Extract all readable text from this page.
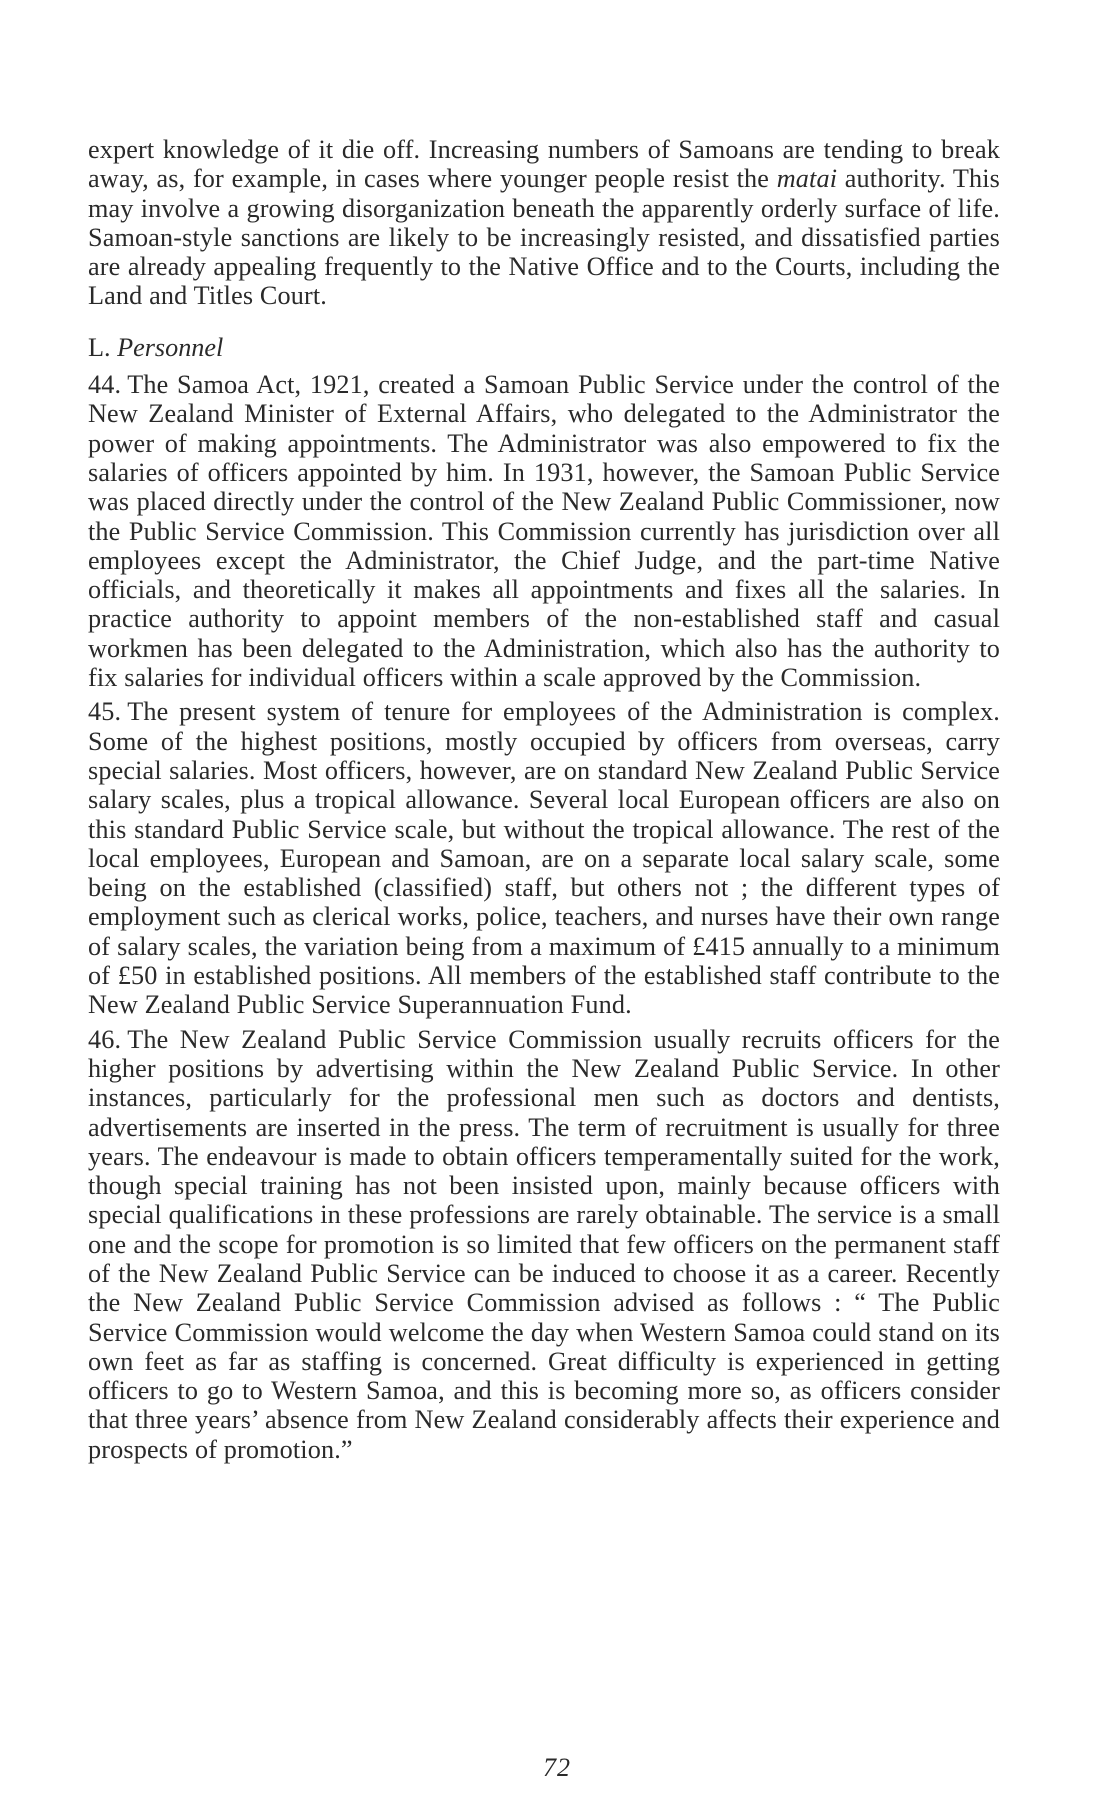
expert knowledge of it die off. Increasing numbers of Samoans are tending to break away, as, for example, in cases where younger people resist the matai authority. This may involve a growing disorganization beneath the apparently orderly surface of life. Samoan-style sanctions are likely to be increasingly resisted, and dissatisfied parties are already appealing frequently to the Native Office and to the Courts, including the Land and Titles Court.

L. Personnel

44. The Samoa Act, 1921, created a Samoan Public Service under the control of the New Zealand Minister of External Affairs, who delegated to the Administrator the power of making appointments. The Administrator was also empowered to fix the salaries of officers appointed by him. In 1931, however, the Samoan Public Service was placed directly under the control of the New Zealand Public Commissioner, now the Public Service Commission. This Commission currently has jurisdiction over all employees except the Administrator, the Chief Judge, and the part-time Native officials, and theoretically it makes all appointments and fixes all the salaries. In practice authority to appoint members of the non-established staff and casual workmen has been delegated to the Administration, which also has the authority to fix salaries for individual officers within a scale approved by the Commission.

45. The present system of tenure for employees of the Administration is complex. Some of the highest positions, mostly occupied by officers from overseas, carry special salaries. Most officers, however, are on standard New Zealand Public Service salary scales, plus a tropical allowance. Several local European officers are also on this standard Public Service scale, but without the tropical allowance. The rest of the local employees, European and Samoan, are on a separate local salary scale, some being on the established (classified) staff, but others not ; the different types of employment such as clerical works, police, teachers, and nurses have their own range of salary scales, the variation being from a maximum of £415 annually to a minimum of £50 in established positions. All members of the established staff contribute to the New Zealand Public Service Superannuation Fund.

46. The New Zealand Public Service Commission usually recruits officers for the higher positions by advertising within the New Zealand Public Service. In other instances, particularly for the professional men such as doctors and dentists, advertisements are inserted in the press. The term of recruitment is usually for three years. The endeavour is made to obtain officers temperamentally suited for the work, though special training has not been insisted upon, mainly because officers with special qualifications in these professions are rarely obtainable. The service is a small one and the scope for promotion is so limited that few officers on the permanent staff of the New Zealand Public Service can be induced to choose it as a career. Recently the New Zealand Public Service Commission advised as follows : “ The Public Service Commission would welcome the day when Western Samoa could stand on its own feet as far as staffing is concerned. Great difficulty is experienced in getting officers to go to Western Samoa, and this is becoming more so, as officers consider that three years’ absence from New Zealand considerably affects their experience and prospects of promotion.”

72
